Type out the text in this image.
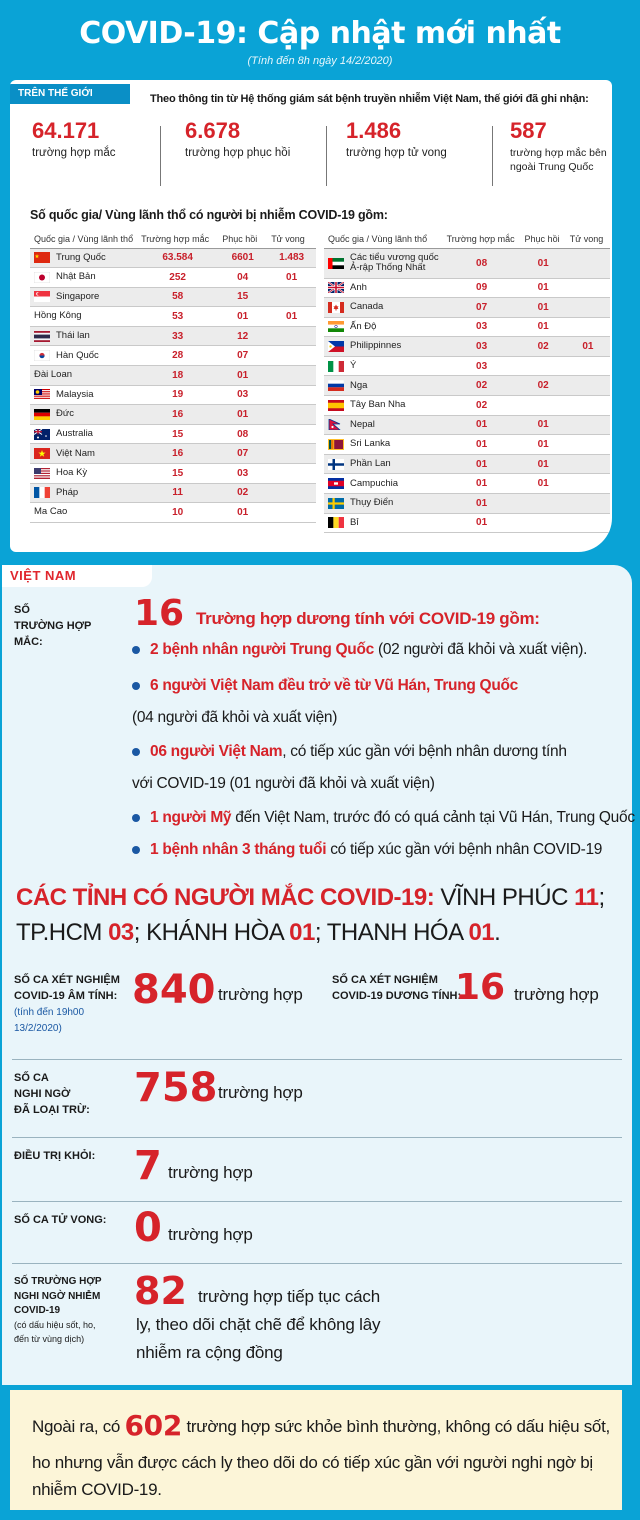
COVID-19: Cập nhật mới nhất
(Tính đến 8h ngày 14/2/2020)
TRÊN THẾ GIỚI	Theo thông tin từ Hệ thống giám sát bệnh truyền nhiễm Việt Nam, thế giới đã ghi nhận:
64.171
trường hợp mắc
6.678
trường hợp phục hồi
1.486
trường hợp tử vong
587
trường hợp mắc bên
ngoài Trung Quốc
Số quốc gia/ Vùng lãnh thổ có người bị nhiễm COVID-19 gồm:
Quốc gia / Vùng lãnh thổ	Trường hợp mắc	Phục hồi	Tử vong

Trung Quốc	63.584	6601	1.483

Nhật Bản	252	04	01

Singapore	58	15	

Hồng Kông	53	01	01

Thái lan	33	12	

Hàn Quốc	28	07	

Đài Loan	18	01	

Malaysia	19	03	

Đức	16	01	

Australia	15	08	

Việt Nam	16	07	

Hoa Kỳ	15	03	

Pháp	11	02	

Ma Cao	10	01	
Quốc gia / Vùng lãnh thổ	Trường hợp mắc	Phục hồi	Tử vong

Các tiểu vương quốc
Ả-rập Thống Nhất	08	01	

Anh	09	01	

Canada	07	01	

Ấn Độ	03	01	

Philippinnes	03	02	01

Ý	03		

Nga	02	02	

Tây Ban Nha	02		

Nepal	01	01	

Sri Lanka	01	01	

Phần Lan	01	01	

Campuchia	01	01	

Thụy Điển	01		

Bỉ	01		
VIỆT NAM
SỐ
TRƯỜNG HỢP
MẮC:
16 Trường hợp dương tính với COVID-19 gồm:
2 bệnh nhân người Trung Quốc (02 người đã khỏi và xuất viện).
6 người Việt Nam đều trở về từ Vũ Hán, Trung Quốc
(04 người đã khỏi và xuất viện)
06 người Việt Nam, có tiếp xúc gần với bệnh nhân dương tính
với COVID-19 (01 người đã khỏi và xuất viện)
1 người Mỹ đến Việt Nam, trước đó có quá cảnh tại Vũ Hán, Trung Quốc
1 bệnh nhân 3 tháng tuổi có tiếp xúc gần với bệnh nhân COVID-19
CÁC TỈNH CÓ NGƯỜI MẮC COVID-19: VĨNH PHÚC 11; TP.HCM 03; KHÁNH HÒA 01; THANH HÓA 01.
SỐ CA XÉT NGHIỆM
COVID-19 ÂM TÍNH:
(tính đến 19h00
13/2/2020)
840 trường hợp
SỐ CA XÉT NGHIỆM
COVID-19 DƯƠNG TÍNH:
16 trường hợp
SỐ CA
NGHI NGỜ
ĐÃ LOẠI TRỪ: 758 trường hợp
ĐIỀU TRỊ KHỎI: 7 trường hợp
SỐ CA TỬ VONG: 0 trường hợp
SỐ TRƯỜNG HỢP
NGHI NGỜ NHIỄM
COVID-19
(có dấu hiệu sốt, ho,
đến từ vùng dịch)
82 trường hợp tiếp tục cách
ly, theo dõi chặt chẽ để không lây
nhiễm ra cộng đồng
Ngoài ra, có 602 trường hợp sức khỏe bình thường, không có dấu hiệu sốt, ho nhưng vẫn được cách ly theo dõi do có tiếp xúc gần với người nghi ngờ bị nhiễm COVID-19.
